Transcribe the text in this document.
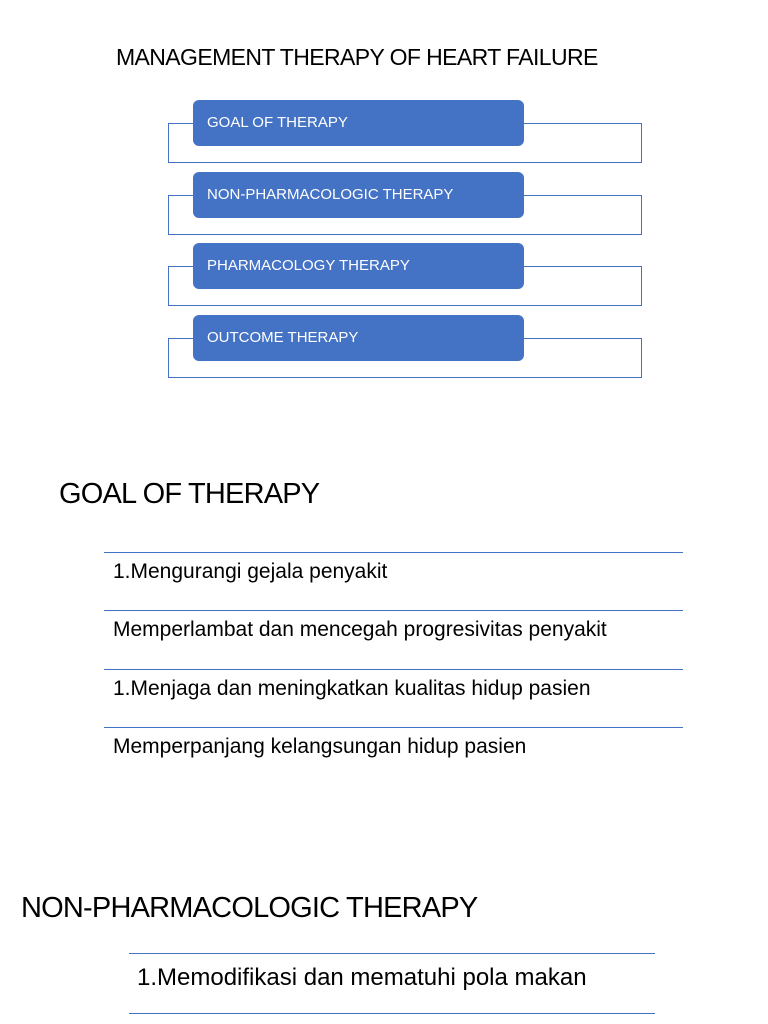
MANAGEMENT THERAPY OF HEART FAILURE
GOAL OF THERAPY
NON-PHARMACOLOGIC THERAPY
PHARMACOLOGY THERAPY
OUTCOME THERAPY
GOAL OF THERAPY
1.Mengurangi gejala penyakit
Memperlambat dan mencegah progresivitas penyakit
1.Menjaga dan meningkatkan kualitas hidup pasien
Memperpanjang kelangsungan hidup pasien
NON-PHARMACOLOGIC THERAPY
1.Memodifikasi dan mematuhi pola makan
